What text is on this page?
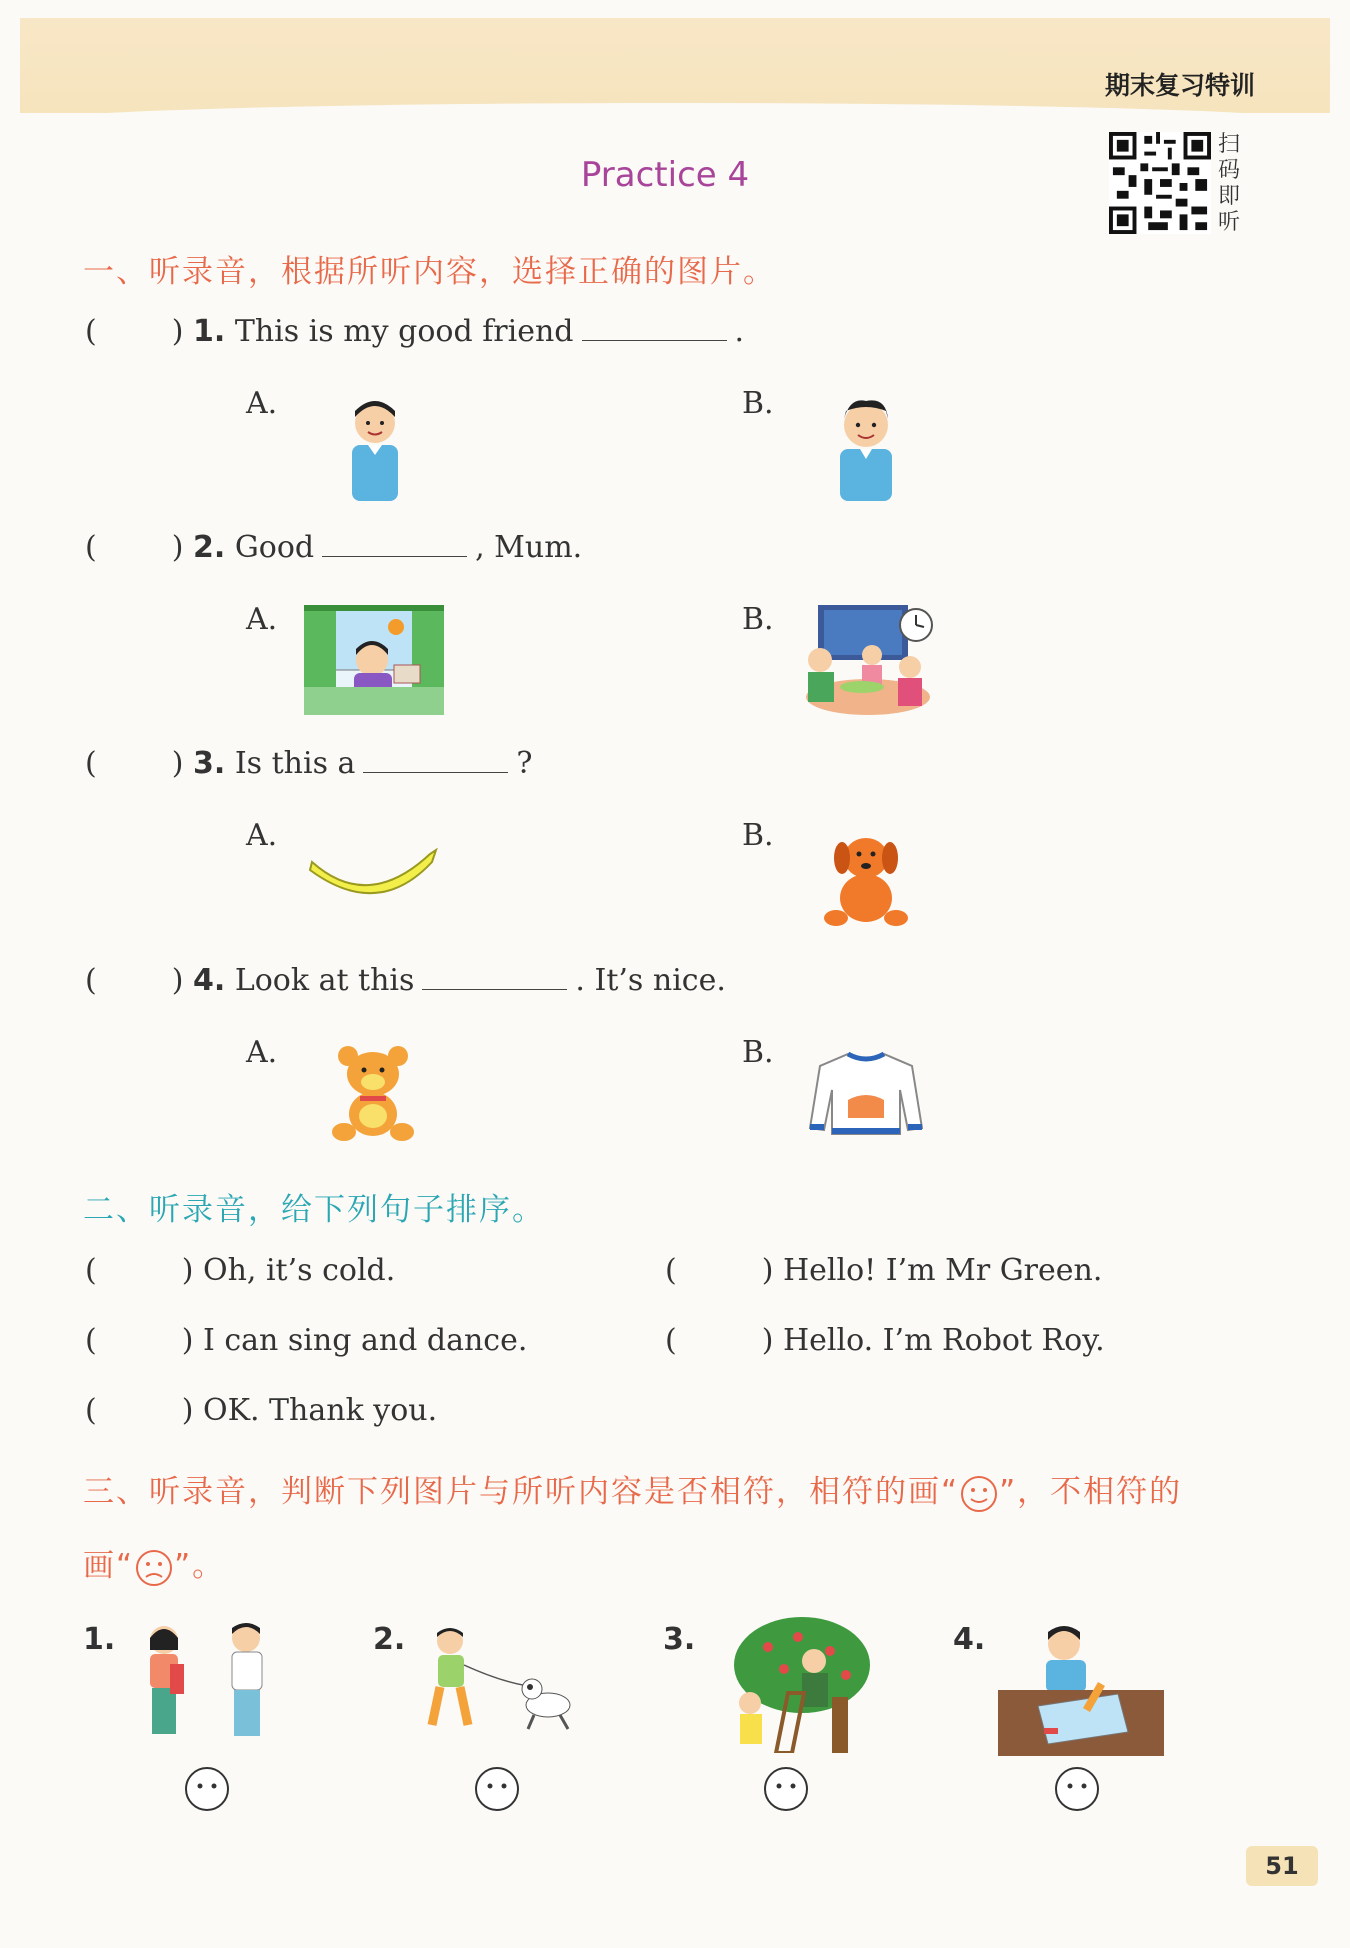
期末复习特训
扫码即听
Practice 4
一、听录音，根据所听内容，选择正确的图片。
(	) 1. This is my good friend	.
A.	B.
(	) 2. Good	, Mum.
A.	B.
(	) 3. Is this a	?
A.	B.
(	) 4. Look at this	. It’s nice.
A.	B.
二、听录音，给下列句子排序。
(	) Oh, it’s cold.
(	) I can sing and dance.
(	) OK. Thank you.
(	) Hello! I’m Mr Green.
(	) Hello. I’m Robot Roy.
三、听录音，判断下列图片与所听内容是否相符，相符的画“ ”，不相符的
画“ ”。
1.	2.	3.	4.
51
